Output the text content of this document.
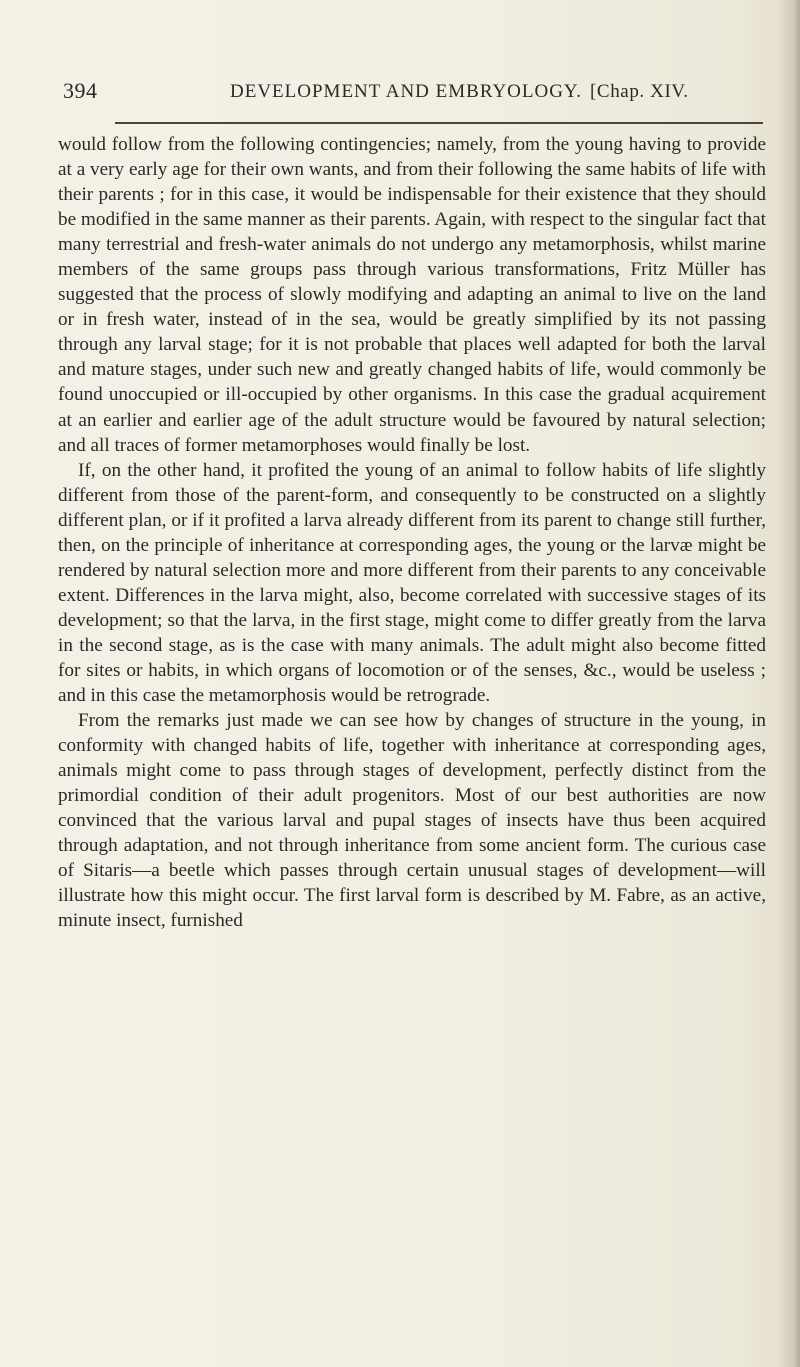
394	DEVELOPMENT AND EMBRYOLOGY. [Chap. XIV.

would follow from the following contingencies; namely, from the young having to provide at a very early age for their own wants, and from their following the same habits of life with their parents ; for in this case, it would be indispensable for their existence that they should be modified in the same manner as their parents. Again, with respect to the singular fact that many terrestrial and fresh-water animals do not undergo any metamorphosis, whilst marine members of the same groups pass through various transformations, Fritz Müller has suggested that the process of slowly modifying and adapting an animal to live on the land or in fresh water, instead of in the sea, would be greatly simplified by its not passing through any larval stage; for it is not probable that places well adapted for both the larval and mature stages, under such new and greatly changed habits of life, would commonly be found unoccupied or ill-occupied by other organisms. In this case the gradual acquirement at an earlier and earlier age of the adult structure would be favoured by natural selection; and all traces of former metamorphoses would finally be lost.

If, on the other hand, it profited the young of an animal to follow habits of life slightly different from those of the parent-form, and consequently to be constructed on a slightly different plan, or if it profited a larva already different from its parent to change still further, then, on the principle of inheritance at corresponding ages, the young or the larvæ might be rendered by natural selection more and more different from their parents to any conceivable extent. Differences in the larva might, also, become correlated with successive stages of its development; so that the larva, in the first stage, might come to differ greatly from the larva in the second stage, as is the case with many animals. The adult might also become fitted for sites or habits, in which organs of locomotion or of the senses, &c., would be useless ; and in this case the metamorphosis would be retrograde.

From the remarks just made we can see how by changes of structure in the young, in conformity with changed habits of life, together with inheritance at corresponding ages, animals might come to pass through stages of development, perfectly distinct from the primordial condition of their adult progenitors. Most of our best authorities are now convinced that the various larval and pupal stages of insects have thus been acquired through adaptation, and not through inheritance from some ancient form. The curious case of Sitaris—a beetle which passes through certain unusual stages of development—will illustrate how this might occur. The first larval form is described by M. Fabre, as an active, minute insect, furnished
